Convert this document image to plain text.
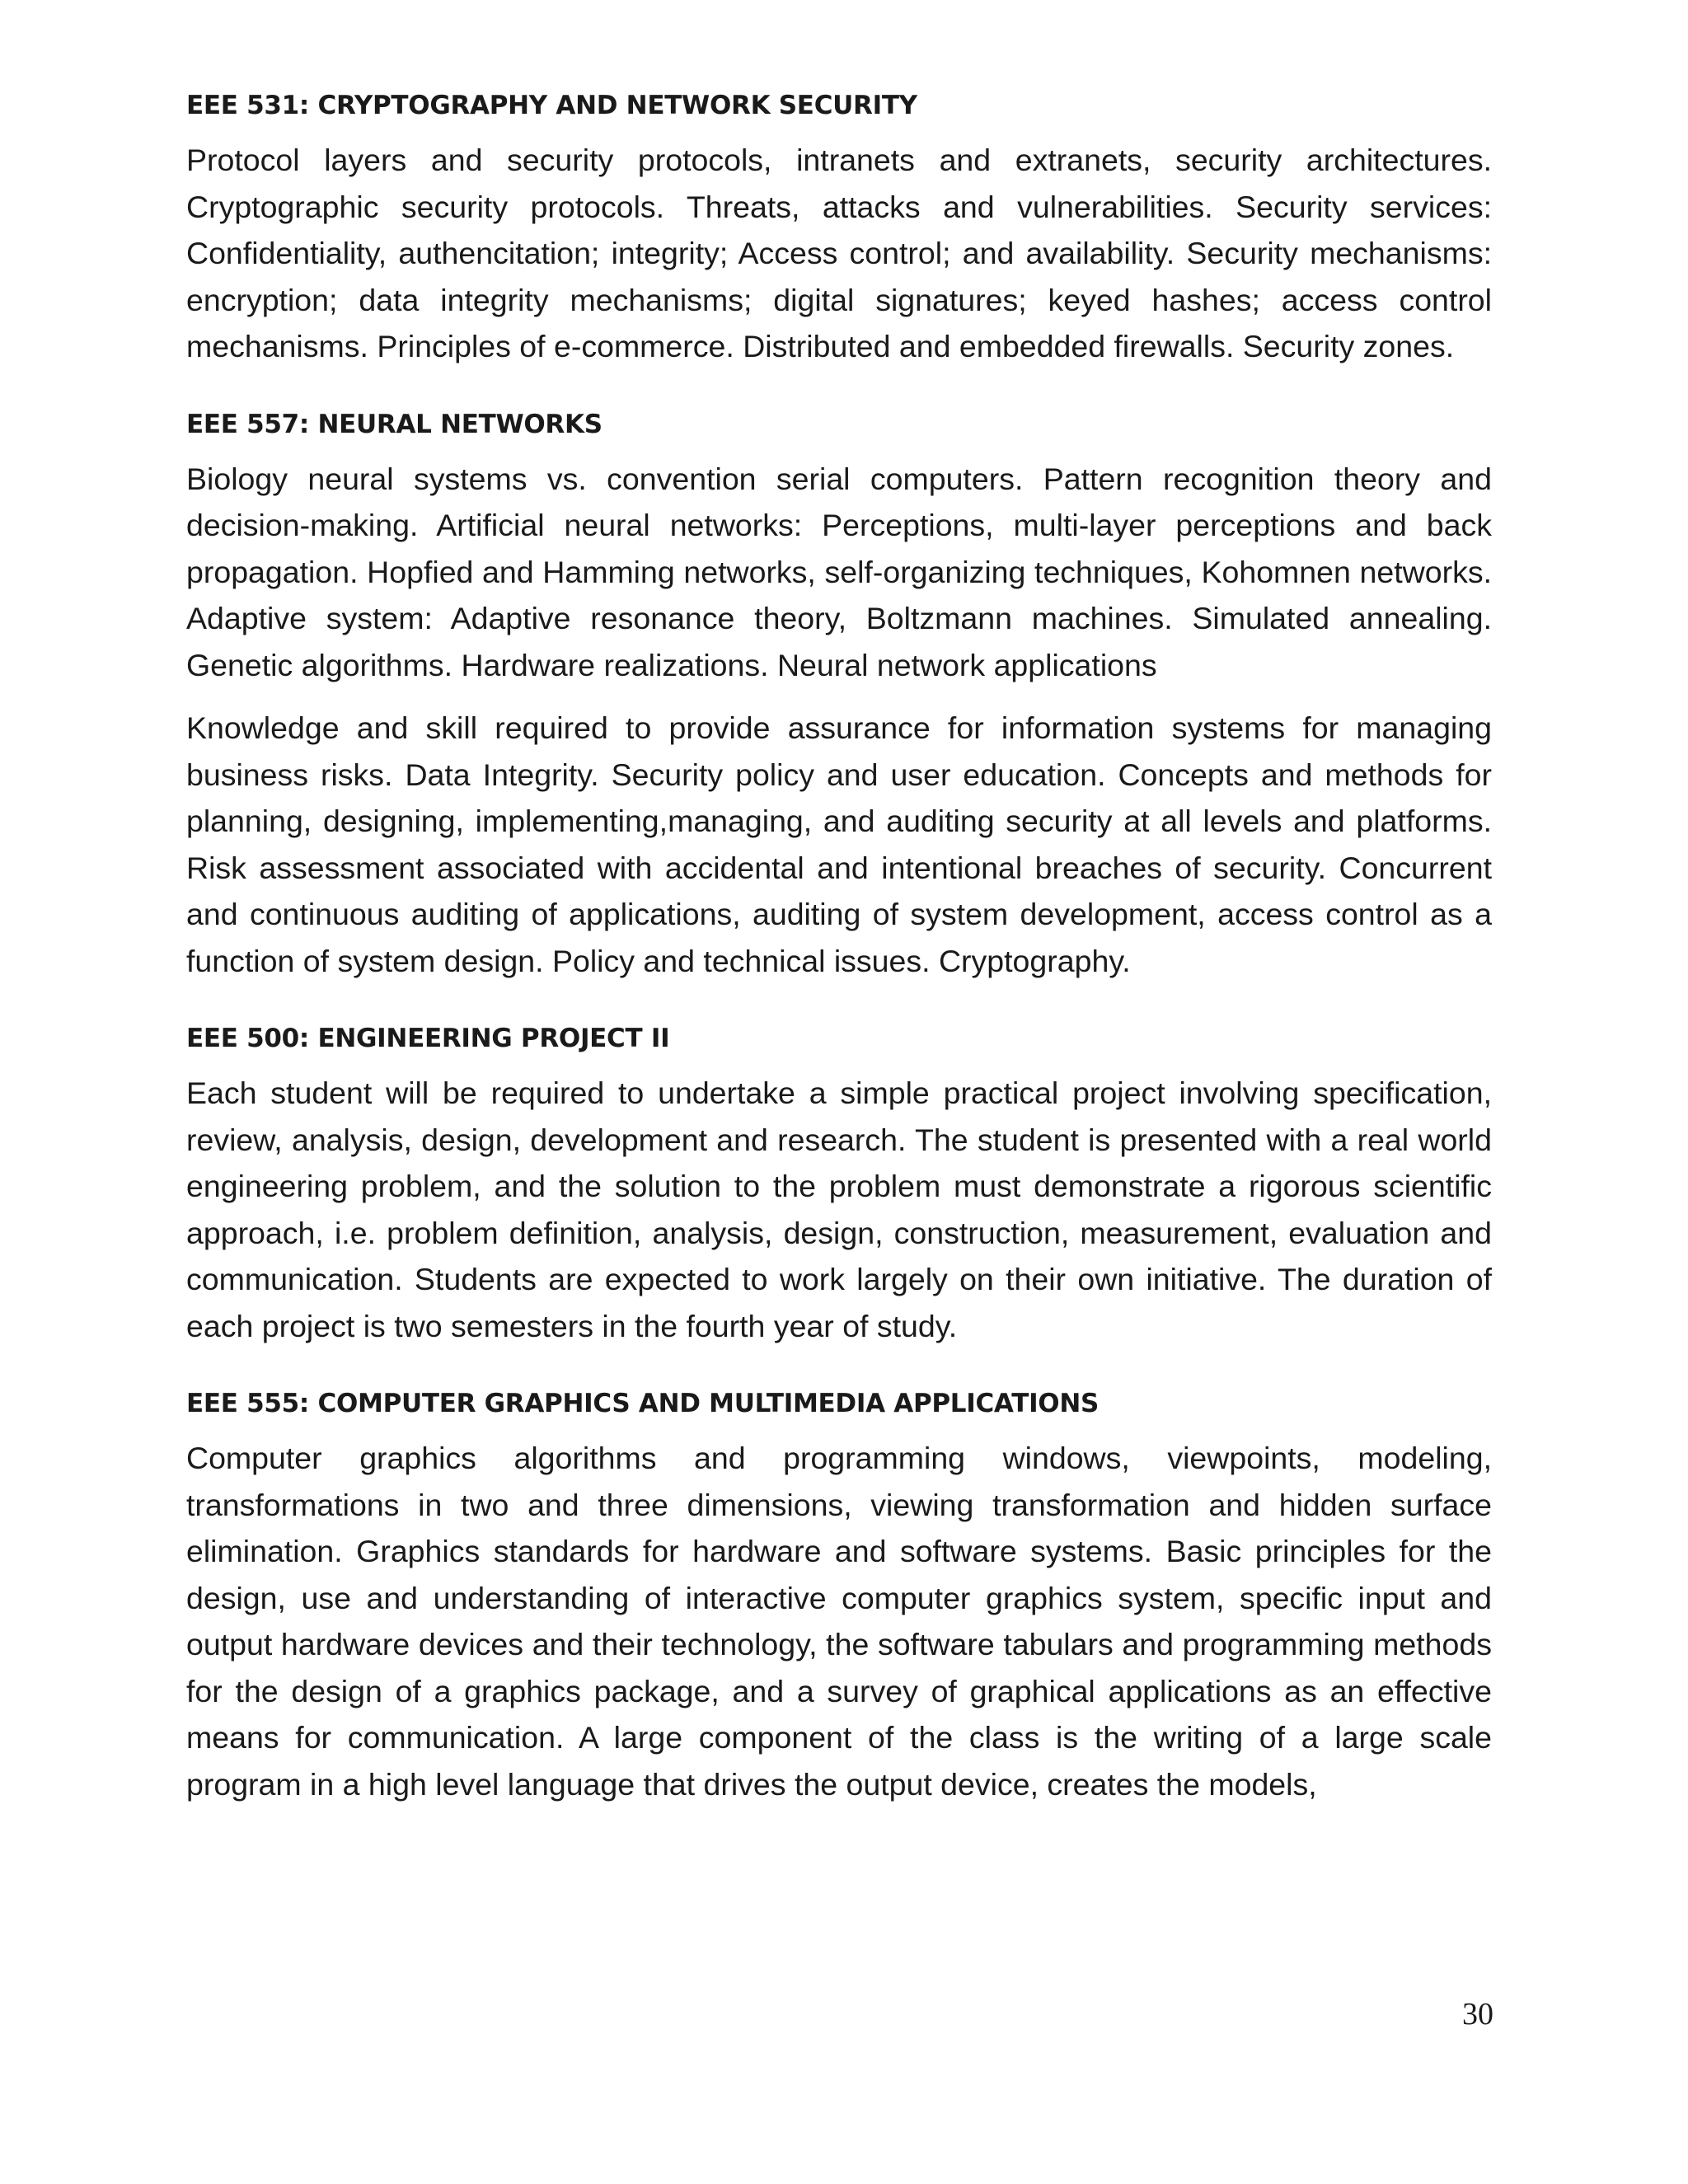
EEE 531: CRYPTOGRAPHY AND NETWORK SECURITY

Protocol layers and security protocols, intranets and extranets, security architectures. Cryptographic security protocols. Threats, attacks and vulnerabilities. Security services: Confidentiality, authencitation; integrity; Access control; and availability. Security mechanisms: encryption; data integrity mechanisms; digital signatures; keyed hashes; access control mechanisms. Principles of e-commerce. Distributed and embedded firewalls. Security zones.

EEE 557: NEURAL NETWORKS

Biology neural systems vs. convention serial computers. Pattern recognition theory and decision-making. Artificial neural networks: Perceptions, multi-layer perceptions and back propagation. Hopfied and Hamming networks, self-organizing techniques, Kohomnen networks. Adaptive system: Adaptive resonance theory, Boltzmann machines. Simulated annealing. Genetic algorithms. Hardware realizations. Neural network applications

Knowledge and skill required to provide assurance for information systems for managing business risks. Data Integrity. Security policy and user education. Concepts and methods for planning, designing, implementing,managing, and auditing security at all levels and platforms. Risk assessment associated with accidental and intentional breaches of security. Concurrent and continuous auditing of applications, auditing of system development, access control as a function of system design. Policy and technical issues. Cryptography.

EEE 500: ENGINEERING PROJECT II

Each student will be required to undertake a simple practical project involving specification, review, analysis, design, development and research. The student is presented with a real world engineering problem, and the solution to the problem must demonstrate a rigorous scientific approach, i.e. problem definition, analysis, design, construction, measurement, evaluation and communication. Students are expected to work largely on their own initiative. The duration of each project is two semesters in the fourth year of study.

EEE 555: COMPUTER GRAPHICS AND MULTIMEDIA APPLICATIONS

Computer graphics algorithms and programming windows, viewpoints, modeling, transformations in two and three dimensions, viewing transformation and hidden surface elimination. Graphics standards for hardware and software systems. Basic principles for the design, use and understanding of interactive computer graphics system, specific input and output hardware devices and their technology, the software tabulars and programming methods for the design of a graphics package, and a survey of graphical applications as an effective means for communication. A large component of the class is the writing of a large scale program in a high level language that drives the output device, creates the models,

30
